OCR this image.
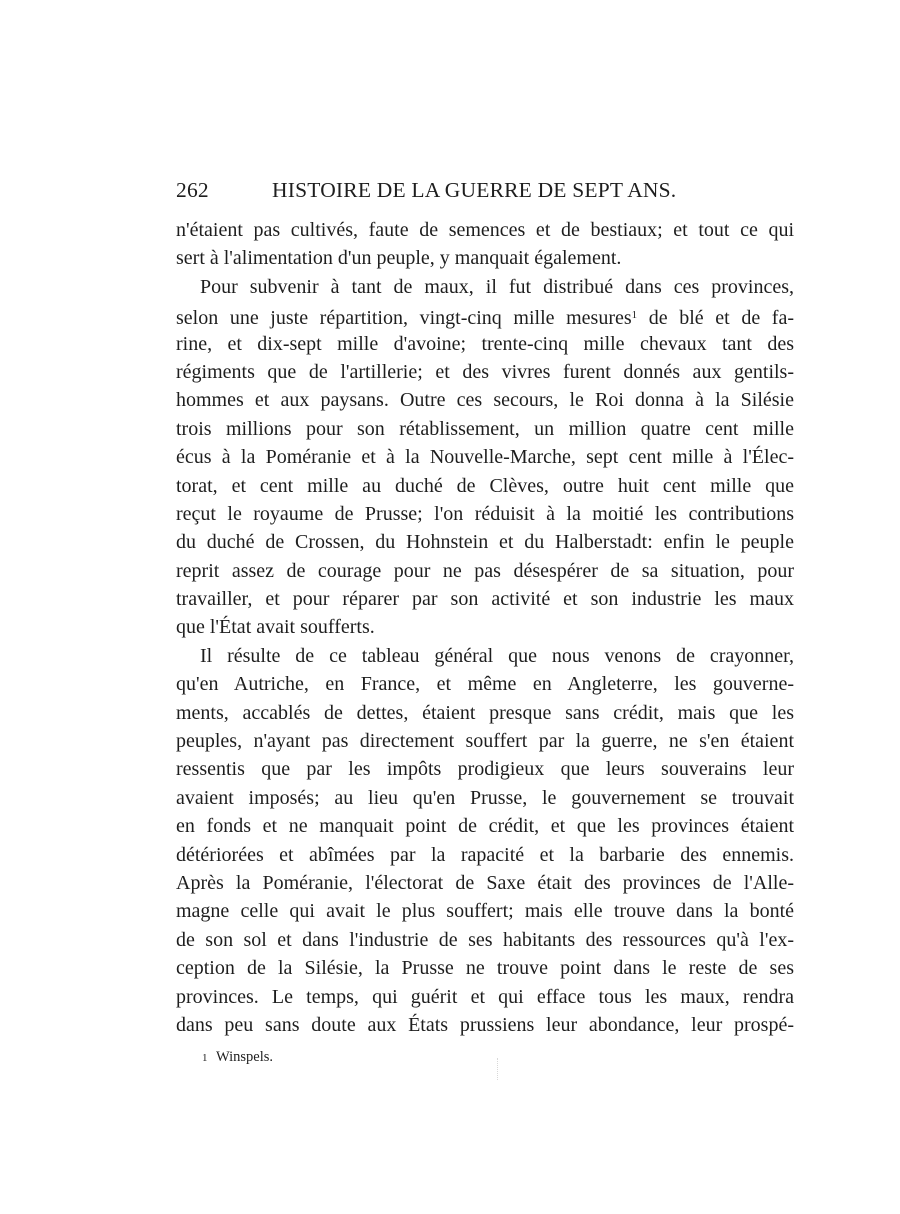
262	HISTOIRE DE LA GUERRE DE SEPT ANS.
n'étaient pas cultivés, faute de semences et de bestiaux; et tout ce qui
sert à l'alimentation d'un peuple, y manquait également.
Pour subvenir à tant de maux, il fut distribué dans ces provinces,
selon une juste répartition, vingt-cinq mille mesures$^1$ de blé et de fa-
rine, et dix-sept mille d'avoine; trente-cinq mille chevaux tant des
régiments que de l'artillerie; et des vivres furent donnés aux gentils-
hommes et aux paysans. Outre ces secours, le Roi donna à la Silésie
trois millions pour son rétablissement, un million quatre cent mille
écus à la Poméranie et à la Nouvelle-Marche, sept cent mille à l'Élec-
torat, et cent mille au duché de Clèves, outre huit cent mille que
reçut le royaume de Prusse; l'on réduisit à la moitié les contributions
du duché de Crossen, du Hohnstein et du Halberstadt: enfin le peuple
reprit assez de courage pour ne pas désespérer de sa situation, pour
travailler, et pour réparer par son activité et son industrie les maux
que l'État avait soufferts.
Il résulte de ce tableau général que nous venons de crayonner,
qu'en Autriche, en France, et même en Angleterre, les gouverne-
ments, accablés de dettes, étaient presque sans crédit, mais que les
peuples, n'ayant pas directement souffert par la guerre, ne s'en étaient
ressentis que par les impôts prodigieux que leurs souverains leur
avaient imposés; au lieu qu'en Prusse, le gouvernement se trouvait
en fonds et ne manquait point de crédit, et que les provinces étaient
détériorées et abîmées par la rapacité et la barbarie des ennemis.
Après la Poméranie, l'électorat de Saxe était des provinces de l'Alle-
magne celle qui avait le plus souffert; mais elle trouve dans la bonté
de son sol et dans l'industrie de ses habitants des ressources qu'à l'ex-
ception de la Silésie, la Prusse ne trouve point dans le reste de ses
provinces. Le temps, qui guérit et qui efface tous les maux, rendra
dans peu sans doute aux États prussiens leur abondance, leur prospé-
1 Winspels.
